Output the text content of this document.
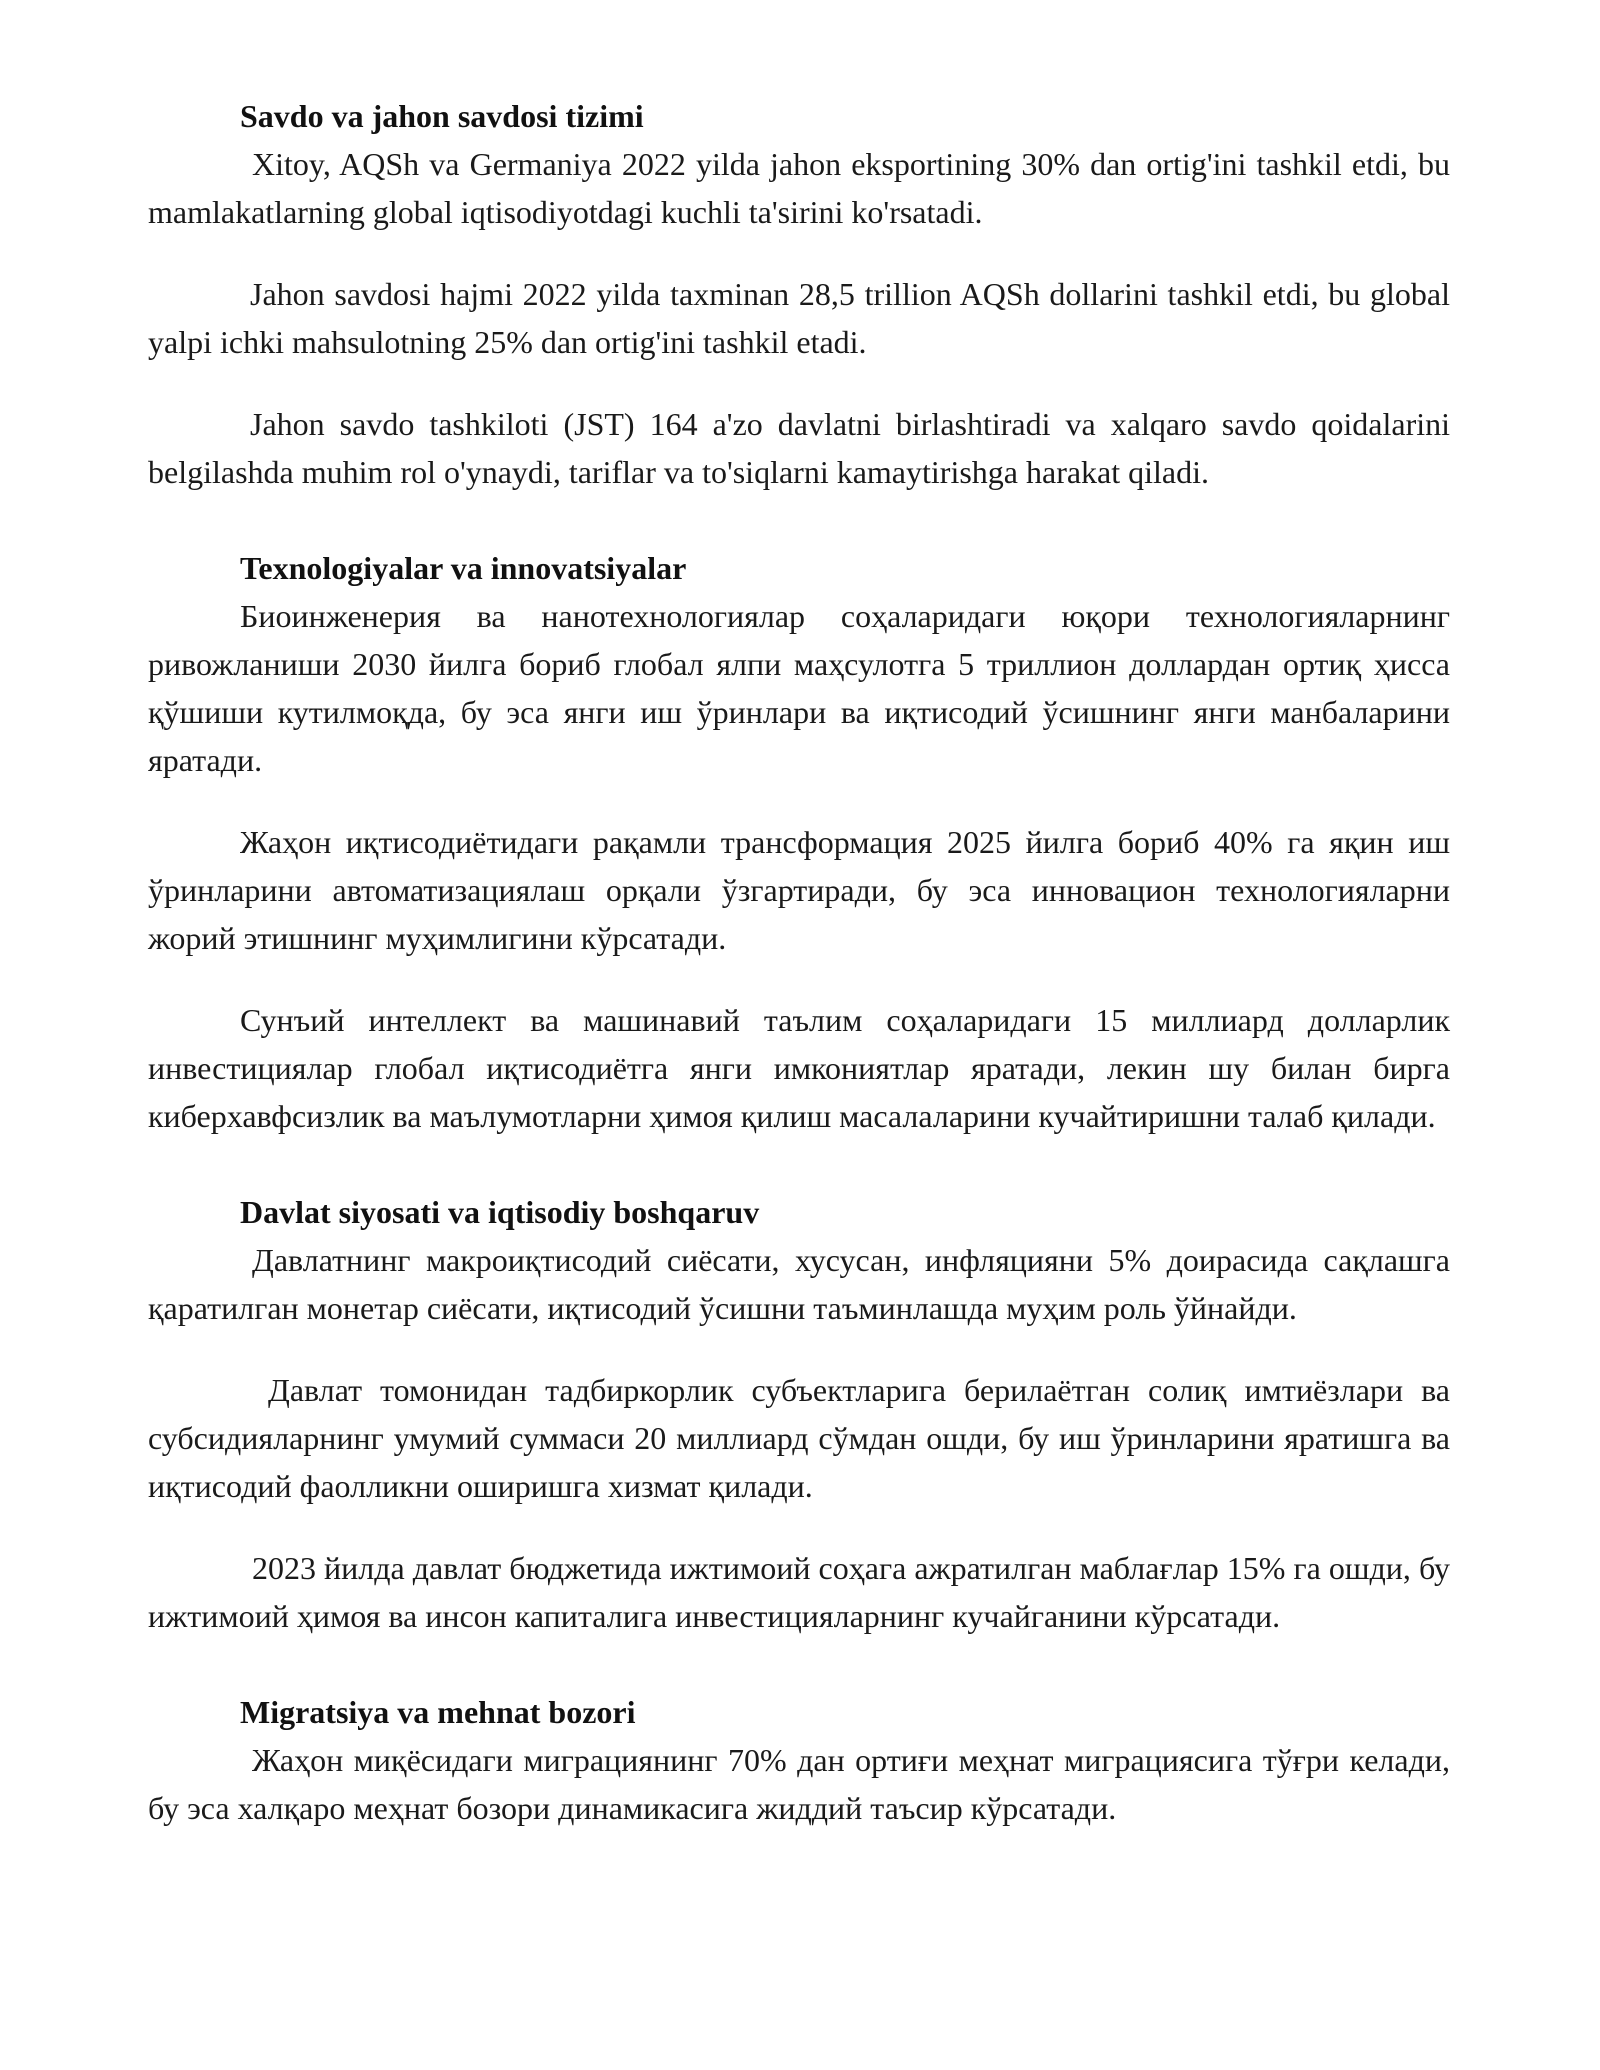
Savdo va jahon savdosi tizimi

Xitoy, AQSh va Germaniya 2022 yilda jahon eksportining 30% dan ortig'ini tashkil etdi, bu mamlakatlarning global iqtisodiyotdagi kuchli ta'sirini ko'rsatadi.

Jahon savdosi hajmi 2022 yilda taxminan 28,5 trillion AQSh dollarini tashkil etdi, bu global yalpi ichki mahsulotning 25% dan ortig'ini tashkil etadi.

Jahon savdo tashkiloti (JST) 164 a'zo davlatni birlashtiradi va xalqaro savdo qoidalarini belgilashda muhim rol o'ynaydi, tariflar va to'siqlarni kamaytirishga harakat qiladi.

Texnologiyalar va innovatsiyalar

Биоинженерия ва нанотехнологиялар соҳаларидаги юқори технологияларнинг ривожланиши 2030 йилга бориб глобал ялпи маҳсулотга 5 триллион доллардан ортиқ ҳисса қўшиши кутилмоқда, бу эса янги иш ўринлари ва иқтисодий ўсишнинг янги манбаларини яратади.

Жаҳон иқтисодиётидаги рақамли трансформация 2025 йилга бориб 40% га яқин иш ўринларини автоматизациялаш орқали ўзгартиради, бу эса инновацион технологияларни жорий этишнинг муҳимлигини кўрсатади.

Сунъий интеллект ва машинавий таълим соҳаларидаги 15 миллиард долларлик инвестициялар глобал иқтисодиётга янги имкониятлар яратади, лекин шу билан бирга киберхавфсизлик ва маълумотларни ҳимоя қилиш масалаларини кучайтиришни талаб қилади.

Davlat siyosati va iqtisodiy boshqaruv

Давлатнинг макроиқтисодий сиёсати, хусусан, инфляцияни 5% доирасида сақлашга қаратилган монетар сиёсати, иқтисодий ўсишни таъминлашда муҳим роль ўйнайди.

Давлат томонидан тадбиркорлик субъектларига берилаётган солиқ имтиёзлари ва субсидияларнинг умумий суммаси 20 миллиард сўмдан ошди, бу иш ўринларини яратишга ва иқтисодий фаолликни оширишга хизмат қилади.

2023 йилда давлат бюджетида ижтимоий соҳага ажратилган маблағлар 15% га ошди, бу ижтимоий ҳимоя ва инсон капиталига инвестицияларнинг кучайганини кўрсатади.

Migratsiya va mehnat bozori

Жаҳон миқёсидаги миграциянинг 70% дан ортиғи меҳнат миграциясига тўғри келади, бу эса халқаро меҳнат бозори динамикасига жиддий таъсир кўрсатади.
